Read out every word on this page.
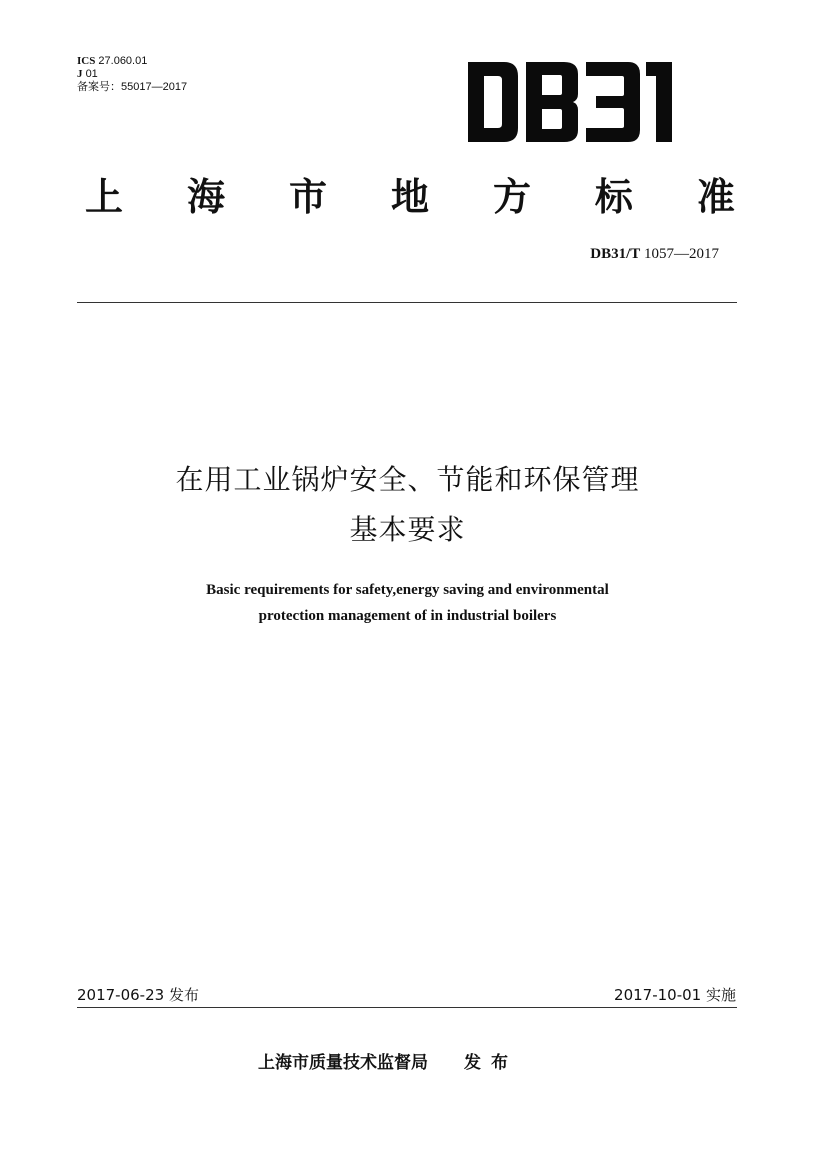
ICS 27.060.01
J 01
备案号：55017—2017
上 海 市 地 方 标 准
DB31/T 1057—2017
在用工业锅炉安全、节能和环保管理
基本要求
Basic requirements for safety,energy saving and environmental
protection management of in industrial boilers
2017-06-23 发布	2017-10-01 实施
上海市质量技术监督局 发布
